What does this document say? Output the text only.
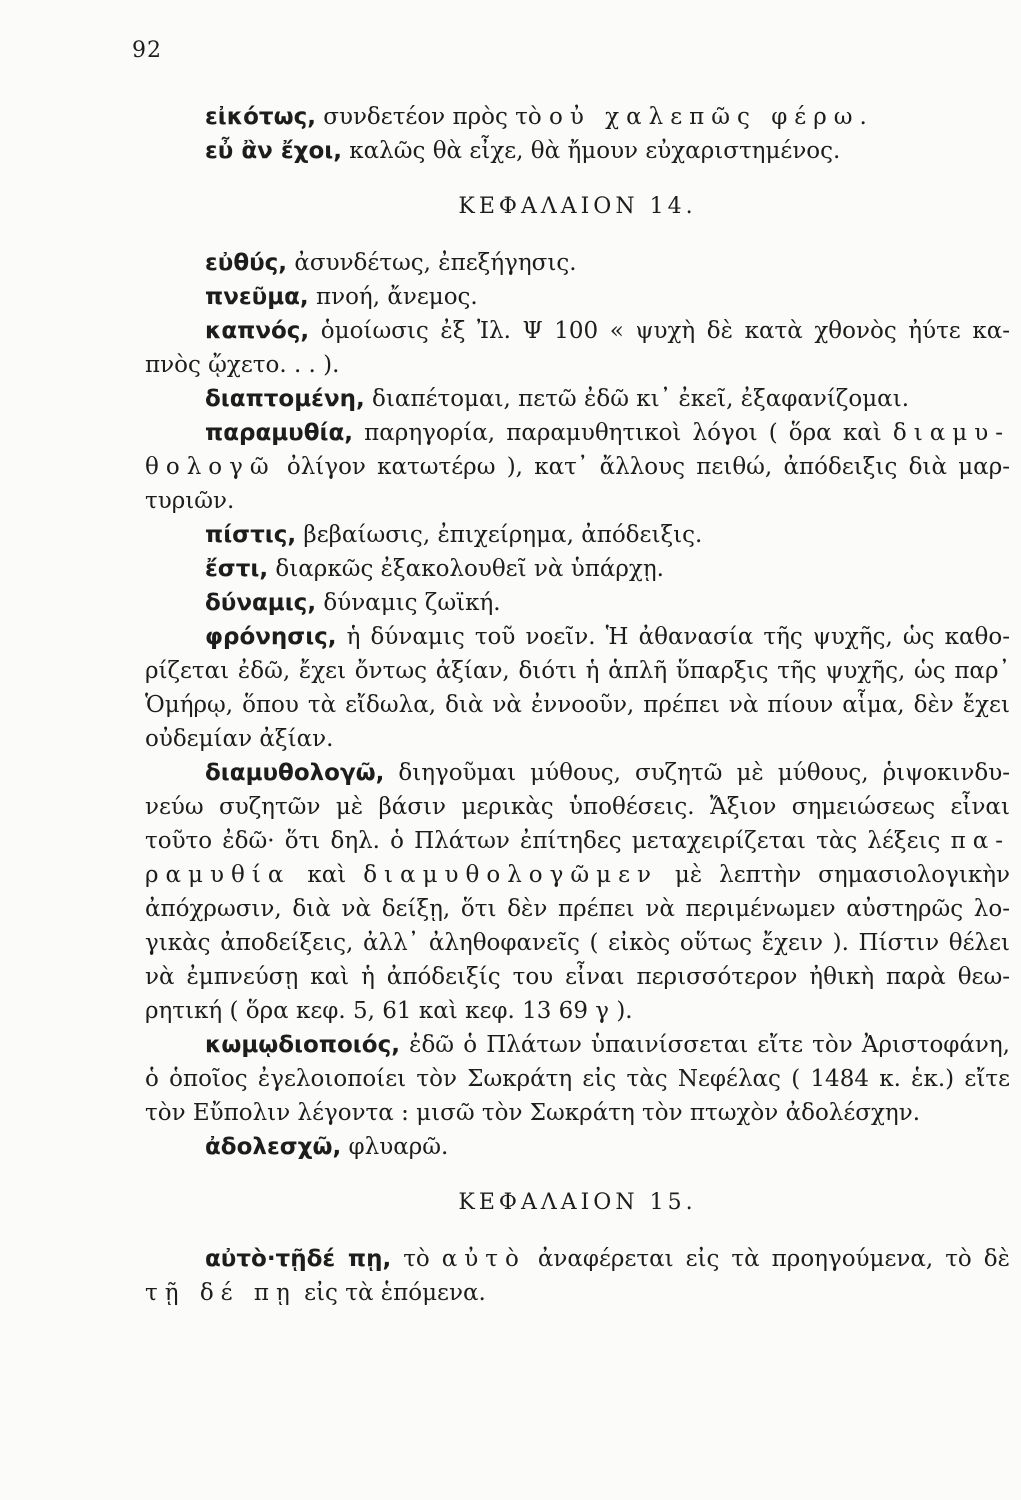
92
εἰκότως, συνδετέον πρὸς τὸ οὐ χαλεπῶς φέρω.
εὖ ἂν ἔχοι, καλῶς θὰ εἶχε, θὰ ἤμουν εὐχαριστημένος.
ΚΕΦΑΛΑΙΟΝ 14.
εὐθύς, ἀσυνδέτως, ἐπεξήγησις.
πνεῦμα, πνοή, ἄνεμος.
καπνός, ὁμοίωσις ἐξ Ἰλ. Ψ 100 « ψυχὴ δὲ κατὰ χθονὸς ἠύτε κα-
πνὸς ᾤχετο. . . ).
διαπτομένη, διαπέτομαι, πετῶ ἐδῶ κι᾽ ἐκεῖ, ἐξαφανίζομαι.
παραμυθία, παρηγορία, παραμυθητικοὶ λόγοι ( ὅρα καὶ διαμυ-
θολογῶ ὀλίγον κατωτέρω ), κατ᾽ ἄλλους πειθώ, ἀπόδειξις διὰ μαρ-
τυριῶν.
πίστις, βεβαίωσις, ἐπιχείρημα, ἀπόδειξις.
ἔστι, διαρκῶς ἐξακολουθεῖ νὰ ὑπάρχῃ.
δύναμις, δύναμις ζωϊκή.
φρόνησις, ἡ δύναμις τοῦ νοεῖν. Ἡ ἀθανασία τῆς ψυχῆς, ὡς καθο-
ρίζεται ἐδῶ, ἔχει ὄντως ἀξίαν, διότι ἡ ἁπλῆ ὕπαρξις τῆς ψυχῆς, ὡς παρ᾽
Ὁμήρῳ, ὅπου τὰ εἴδωλα, διὰ νὰ ἐννοοῦν, πρέπει νὰ πίουν αἷμα, δὲν ἔχει
οὐδεμίαν ἀξίαν.
διαμυθολογῶ, διηγοῦμαι μύθους, συζητῶ μὲ μύθους, ῥιψοκινδυ-
νεύω συζητῶν μὲ βάσιν μερικὰς ὑποθέσεις. Ἄξιον σημειώσεως εἶναι
τοῦτο ἐδῶ· ὅτι δηλ. ὁ Πλάτων ἐπίτηδες μεταχειρίζεται τὰς λέξεις πα-
ραμυθία καὶ διαμυθολογῶμεν μὲ λεπτὴν σημασιολογικὴν
ἀπόχρωσιν, διὰ νὰ δείξῃ, ὅτι δὲν πρέπει νὰ περιμένωμεν αὐστηρῶς λο-
γικὰς ἀποδείξεις, ἀλλ᾽ ἀληθοφανεῖς ( εἰκὸς οὕτως ἔχειν ). Πίστιν θέλει
νὰ ἐμπνεύσῃ καὶ ἡ ἀπόδειξίς του εἶναι περισσότερον ἠθικὴ παρὰ θεω-
ρητική ( ὅρα κεφ. 5, 61 καὶ κεφ. 13 69 γ ).
κωμῳδιοποιός, ἐδῶ ὁ Πλάτων ὑπαινίσσεται εἴτε τὸν Ἀριστοφάνη,
ὁ ὁποῖος ἐγελοιοποίει τὸν Σωκράτη εἰς τὰς Νεφέλας ( 1484 κ. ἑκ.) εἴτε
τὸν Εὔπολιν λέγοντα : μισῶ τὸν Σωκράτη τὸν πτωχὸν ἀδολέσχην.
ἀδολεσχῶ, φλυαρῶ.
ΚΕΦΑΛΑΙΟΝ 15.
αὐτὸ·τῇδέ πῃ, τὸ αὐτὸ ἀναφέρεται εἰς τὰ προηγούμενα, τὸ δὲ
τῇ δέ πῃ εἰς τὰ ἑπόμενα.
